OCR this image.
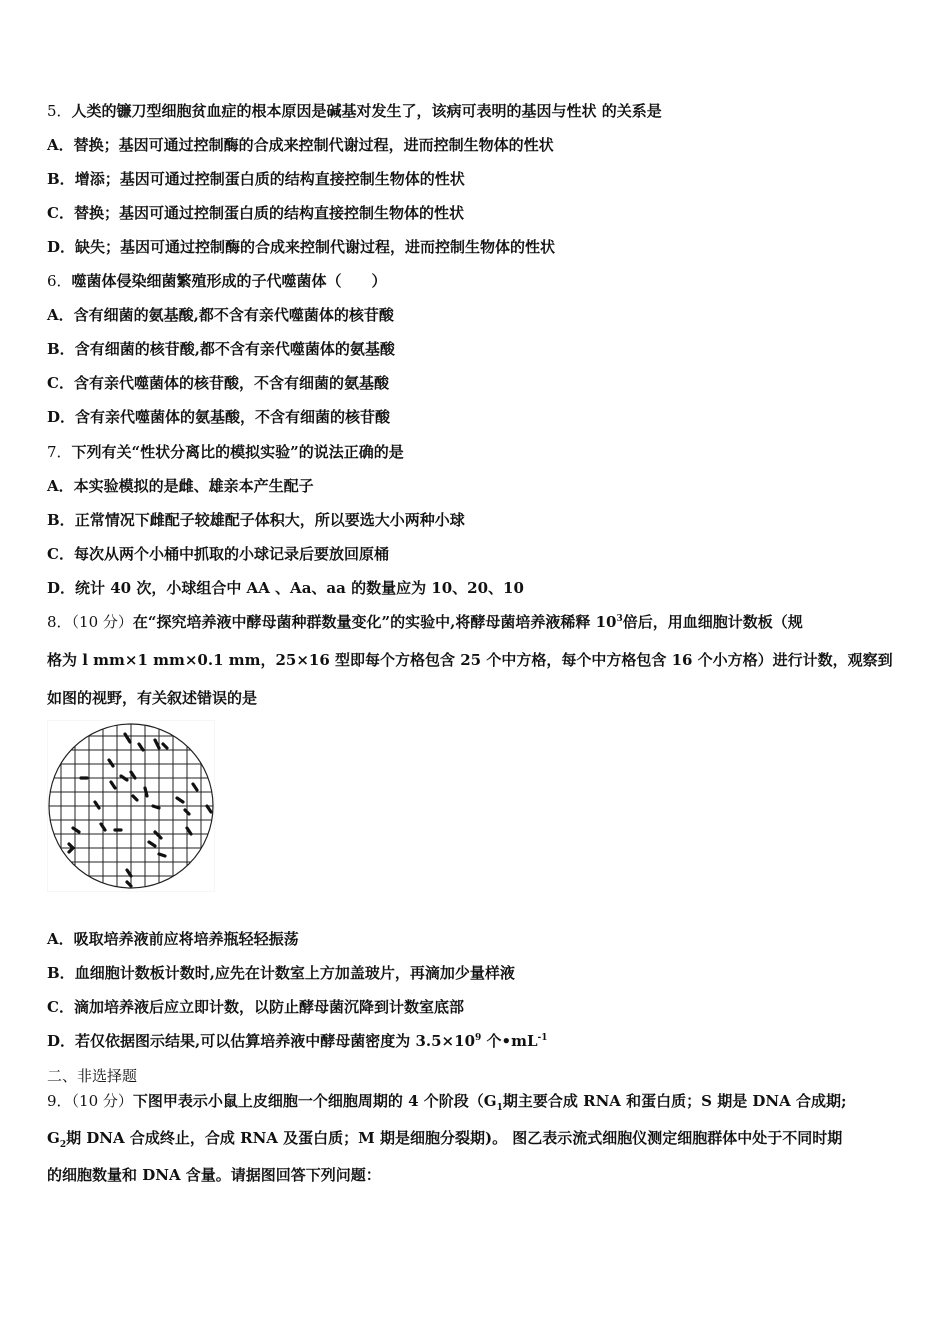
5．人类的镰刀型细胞贫血症的根本原因是碱基对发生了，该病可表明的基因与性状 的关系是
A．替换；基因可通过控制酶的合成来控制代谢过程，进而控制生物体的性状
B．增添；基因可通过控制蛋白质的结构直接控制生物体的性状
C．替换；基因可通过控制蛋白质的结构直接控制生物体的性状
D．缺失；基因可通过控制酶的合成来控制代谢过程，进而控制生物体的性状
6．噬菌体侵染细菌繁殖形成的子代噬菌体（　　）
A．含有细菌的氨基酸,都不含有亲代噬菌体的核苷酸
B．含有细菌的核苷酸,都不含有亲代噬菌体的氨基酸
C．含有亲代噬菌体的核苷酸，不含有细菌的氨基酸
D．含有亲代噬菌体的氨基酸，不含有细菌的核苷酸
7．下列有关“性状分离比的模拟实验”的说法正确的是
A．本实验模拟的是雌、雄亲本产生配子
B．正常情况下雌配子较雄配子体积大，所以要选大小两种小球
C．每次从两个小桶中抓取的小球记录后要放回原桶
D．统计 40 次，小球组合中 AA 、Aa、aa 的数量应为 10、20、10
8．（10 分）在“探究培养液中酵母菌种群数量变化”的实验中,将酵母菌培养液稀释 $10^3$倍后，用血细胞计数板（规
格为 l mm×1 mm×0.1 mm，25×16 型即每个方格包含 25 个中方格，每个中方格包含 16 个小方格）进行计数，观察到
如图的视野，有关叙述错误的是
A．吸取培养液前应将培养瓶轻轻振荡
B．血细胞计数板计数时,应先在计数室上方加盖玻片，再滴加少量样液
C．滴加培养液后应立即计数，以防止酵母菌沉降到计数室底部
D．若仅依据图示结果,可以估算培养液中酵母菌密度为 $3.5\times 10^9$ 个$•mL^{-1}$
二、非选择题
9．（10 分）下图甲表示小鼠上皮细胞一个细胞周期的 4 个阶段（$G_1$期主要合成 RNA 和蛋白质；S 期是 DNA 合成期;
$G_2$期 DNA 合成终止，合成 RNA 及蛋白质；M 期是细胞分裂期)。 图乙表示流式细胞仪测定细胞群体中处于不同时期
的细胞数量和 DNA 含量。请据图回答下列问题：
